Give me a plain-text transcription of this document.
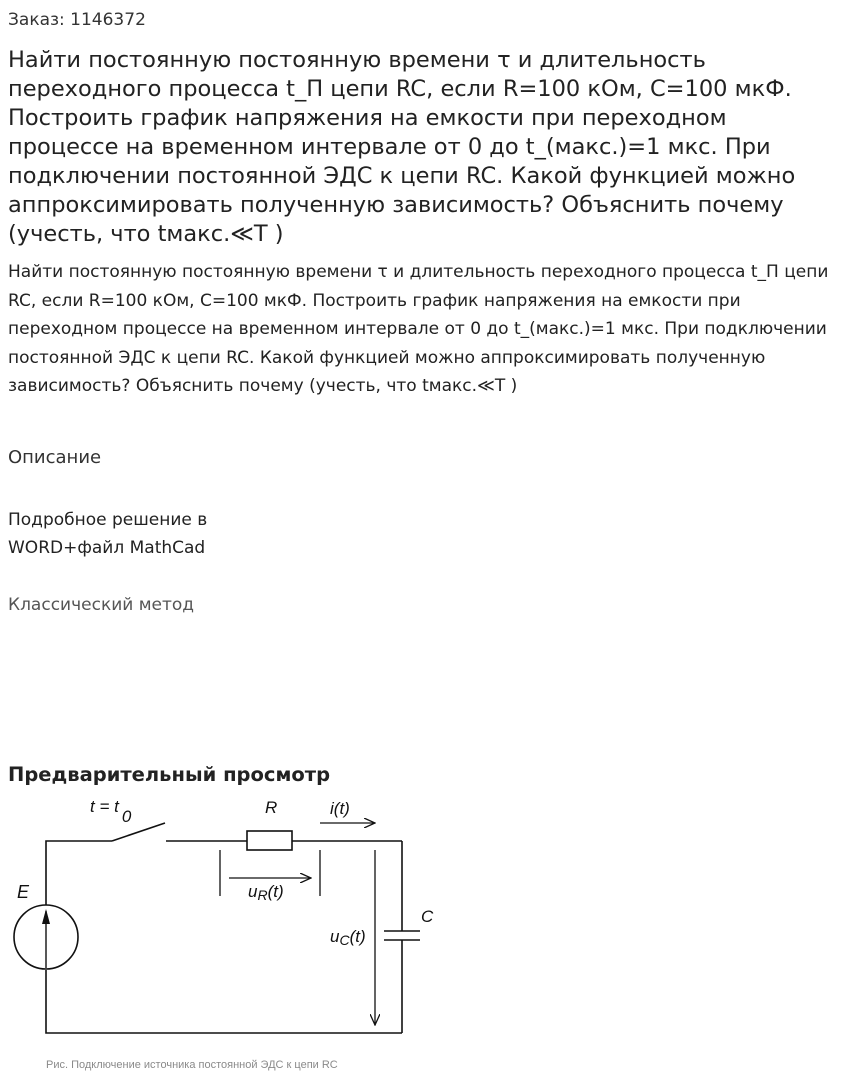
Заказ: 1146372
Найти постоянную постоянную времени τ и длительность переходного процесса t_П цепи RC, если R=100 кОм, C=100 мкФ. Построить график напряжения на емкости при переходном процессе на временном интервале от 0 до t_(макс.)=1 мкс. При подключении постоянной ЭДС к цепи RC. Какой функцией можно аппроксимировать полученную зависимость? Объяснить почему (учесть, что tмакс.≪T )

Найти постоянную постоянную времени τ и длительность переходного процесса t_П цепи RC, если R=100 кОм, C=100 мкФ. Построить график напряжения на емкости при переходном процессе на временном интервале от 0 до t_(макс.)=1 мкс. При подключении постоянной ЭДС к цепи RC. Какой функцией можно аппроксимировать полученную зависимость? Объяснить почему (учесть, что tмакс.≪T )

Описание
Подробное решение в
WORD+файл MathCad
Классический метод
Предварительный просмотр
t = t0	R	i(t)
E	uR(t)
uC(t)
C
Рис. Подключение источника постоянной ЭДС к цепи RC
